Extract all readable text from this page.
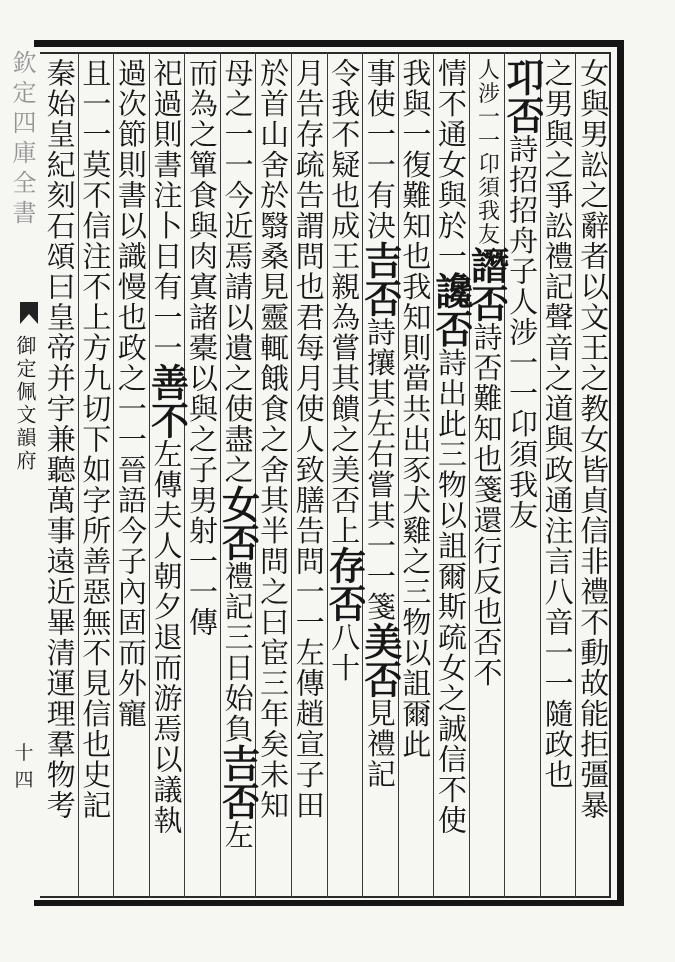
欽定四庫全書
御定佩文韻府
十四	女與男訟之辭者以文王之教女皆貞信非禮不動故能拒彊暴
之男與之爭訟禮記聲音之道與政通注言八音一一隨政也
卭否詩招招舟子人涉一一卬須我友
人涉一一卬須我友譖否詩否難知也箋還行反也否不
情不通女與於一讒否詩出此三物以詛爾斯疏女之誠信不使
我與一復難知也我知則當共出豕犬雞之三物以詛爾此
事使一一有決吉否詩攘其左右嘗其一一箋美否見禮記
令我不疑也成王親為嘗其饋之美否上存否八十
月告存疏告謂問也君每月使人致膳告問一一左傳趙宣子田
於首山舍於翳桑見靈輒餓食之舍其半問之曰宦三年矣未知
母之一一今近焉請以遺之使盡之女否禮記三日始負吉否左
而為之簞食與肉寘諸橐以與之子男射一一傳
祀過則書注卜日有一一善不左傳夫人朝夕退而游焉以議執
過次節則書以識慢也政之一一晉語今子內固而外寵
且一一莫不信注不上方九切下如字所善惡無不見信也史記
秦始皇紀刻石頌曰皇帝并宇兼聽萬事遠近畢清運理羣物考
